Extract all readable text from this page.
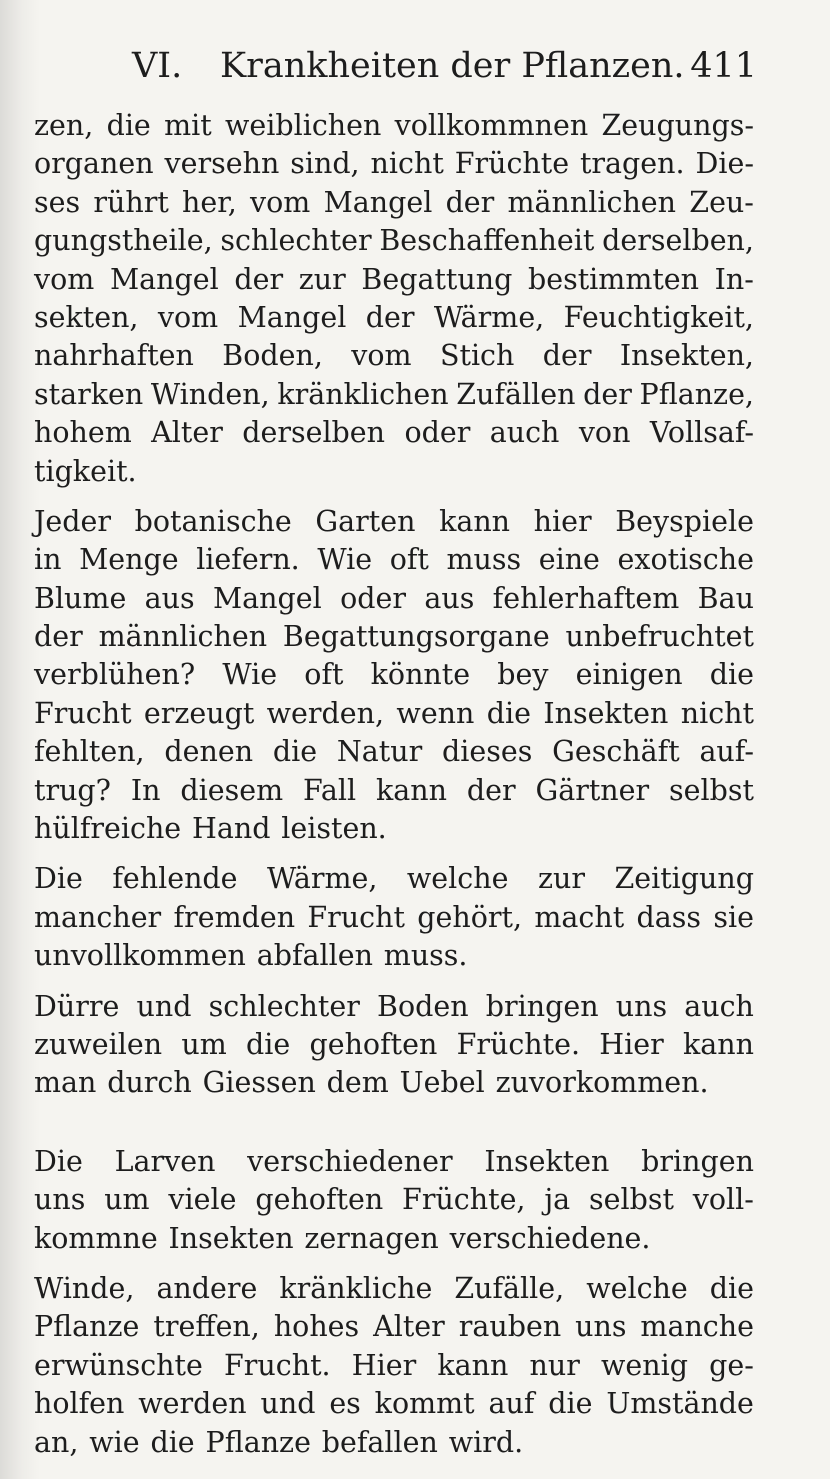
VI. Krankheiten der Pflanzen. 411
zen, die mit weiblichen vollkommnen Zeugungs-
organen versehn sind, nicht Früchte tragen. Die-
ses rührt her, vom Mangel der männlichen Zeu-
gungstheile, schlechter Beschaffenheit derselben,
vom Mangel der zur Begattung bestimmten In-
sekten, vom Mangel der Wärme, Feuchtigkeit,
nahrhaften Boden, vom Stich der Insekten,
starken Winden, kränklichen Zufällen der Pflanze,
hohem Alter derselben oder auch von Vollsaf-
tigkeit.
Jeder botanische Garten kann hier Beyspiele
in Menge liefern. Wie oft muss eine exotische
Blume aus Mangel oder aus fehlerhaftem Bau
der männlichen Begattungsorgane unbefruchtet
verblühen? Wie oft könnte bey einigen die
Frucht erzeugt werden, wenn die Insekten nicht
fehlten, denen die Natur dieses Geschäft auf-
trug? In diesem Fall kann der Gärtner selbst
hülfreiche Hand leisten.
Die fehlende Wärme, welche zur Zeitigung
mancher fremden Frucht gehört, macht dass sie
unvollkommen abfallen muss.
Dürre und schlechter Boden bringen uns auch
zuweilen um die gehoften Früchte. Hier kann
man durch Giessen dem Uebel zuvorkommen.
Die Larven verschiedener Insekten bringen
uns um viele gehoften Früchte, ja selbst voll-
kommne Insekten zernagen verschiedene.
Winde, andere kränkliche Zufälle, welche die
Pflanze treffen, hohes Alter rauben uns manche
erwünschte Frucht. Hier kann nur wenig ge-
holfen werden und es kommt auf die Umstände
an, wie die Pflanze befallen wird.
